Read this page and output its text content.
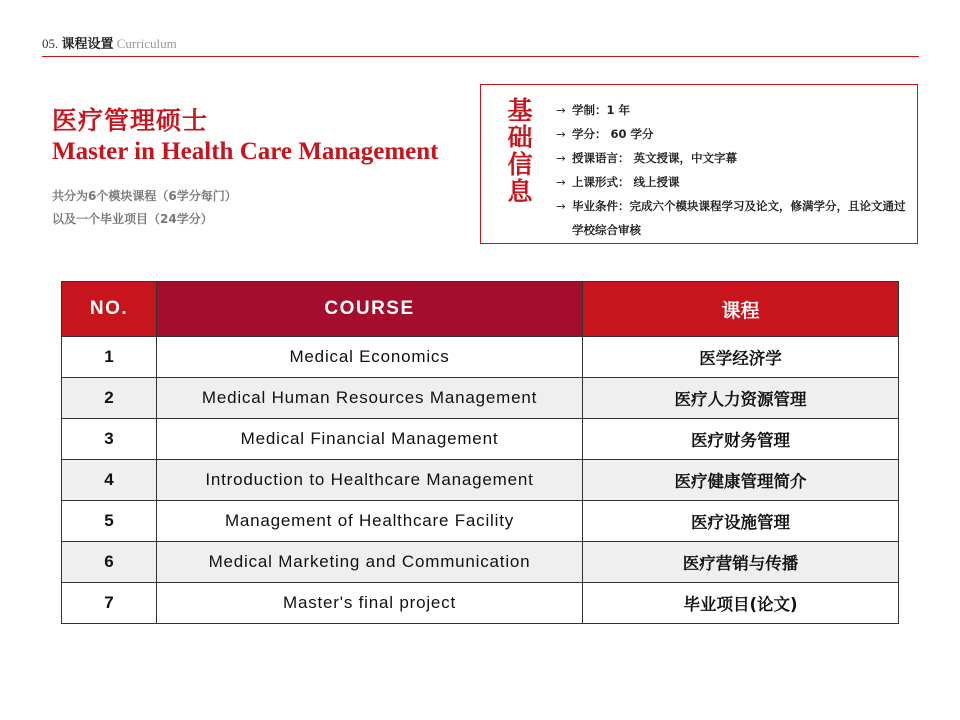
05. 课程设置 Curriculum
医疗管理硕士
Master in Health Care Management
共分为6个模块课程（6学分每门）
以及一个毕业项目（24学分）
基
础
信
息
→ 学制：1 年
→ 学分： 60 学分
→ 授课语言： 英文授课，中文字幕
→ 上课形式： 线上授课
→ 毕业条件：完成六个模块课程学习及论文，修满学分，且论文通过学校综合审核
NO.	COURSE	课程
1	Medical Economics	医学经济学
2	Medical Human Resources Management	医疗人力资源管理
3	Medical Financial Management	医疗财务管理
4	Introduction to Healthcare Management	医疗健康管理简介
5	Management of Healthcare Facility	医疗设施管理
6	Medical Marketing and Communication	医疗营销与传播
7	Master's final project	毕业项目(论文)
